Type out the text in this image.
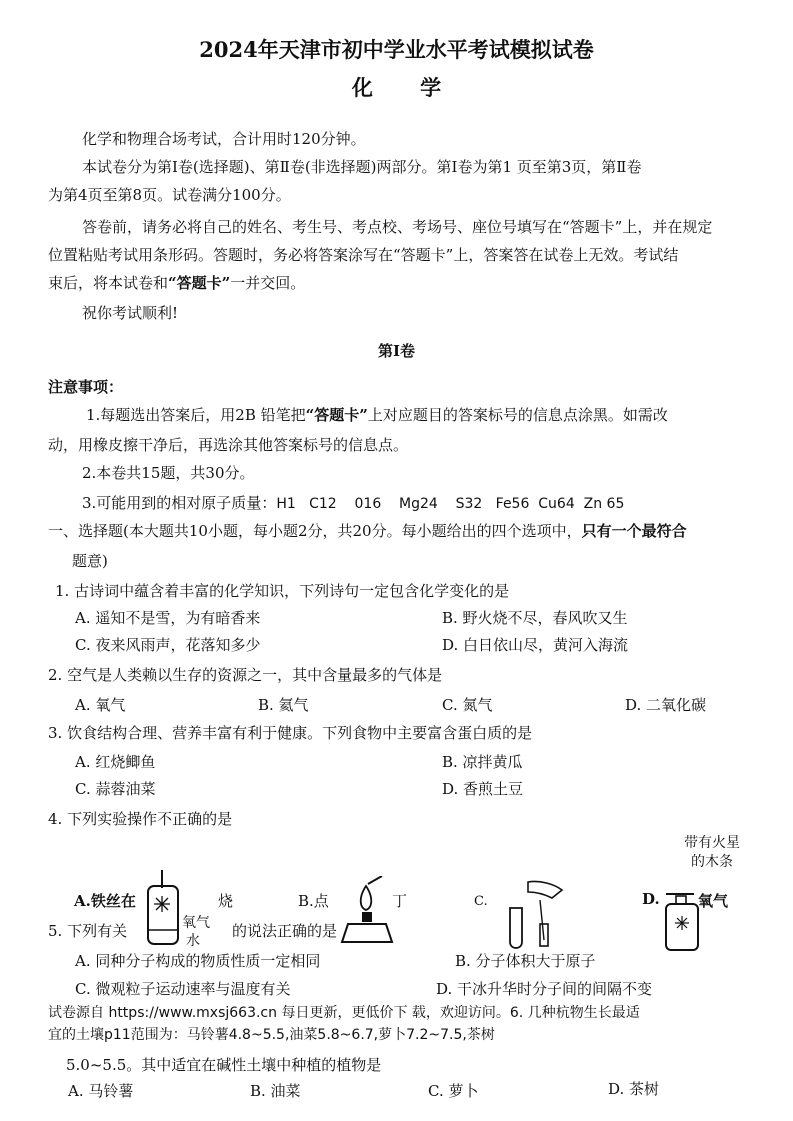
2024年天津市初中学业水平考试模拟试卷
化 学
化学和物理合场考试，合计用时120分钟。
本试卷分为第Ⅰ卷(选择题)、第Ⅱ卷(非选择题)两部分。第Ⅰ卷为第1 页至第3页，第Ⅱ卷
为第4页至第8页。试卷满分100分。
答卷前，请务必将自己的姓名、考生号、考点校、考场号、座位号填写在“答题卡”上，并在规定
位置粘贴考试用条形码。答题时，务必将答案涂写在“答题卡”上，答案答在试卷上无效。考试结
束后，将本试卷和“答题卡”一并交回。
祝你考试顺利!
第Ⅰ卷
注意事项：
1.每题选出答案后，用2B 铅笔把“答题卡”上对应题目的答案标号的信息点涂黑。如需改
动，用橡皮擦干净后，再选涂其他答案标号的信息点。
2.本卷共15题，共30分。
3.可能用到的相对原子质量：H1   C12    016    Mg24    S32   Fe56  Cu64  Zn 65
一、选择题(本大题共10小题，每小题2分，共20分。每小题给出的四个选项中，只有一个最符合
题意)
1. 古诗词中蕴含着丰富的化学知识，下列诗句一定包含化学变化的是
A. 遥知不是雪，为有暗香来	B. 野火烧不尽，春风吹又生
C. 夜来风雨声，花落知多少	D. 白日依山尽，黄河入海流
2. 空气是人类赖以生存的资源之一，其中含量最多的气体是
A. 氧气	B. 氦气	C. 氮气	D. 二氧化碳
3. 饮食结构合理、营养丰富有利于健康。下列食物中主要富含蛋白质的是
A. 红烧鲫鱼	B. 凉拌黄瓜
C. 蒜蓉油菜	D. 香煎土豆
4. 下列实验操作不正确的是
带有火星
的木条
A.铁丝在	烧	B.点	丁	C.	D.	氧气
氧气
水
5. 下列有关	的说法正确的是
A. 同种分子构成的物质性质一定相同	B. 分子体积大于原子
C. 微观粒子运动速率与温度有关	D. 干冰升华时分子间的间隔不变
试卷源自 https://www.mxsj663.cn 每日更新，更低价下 载，欢迎访问。6. 几种杭物生长最适
宜的土壤p11范围为：马铃薯4.8~5.5,油菜5.8~6.7,萝卜7.2~7.5,茶树
5.0~5.5。其中适宜在碱性土壤中种植的植物是
A. 马铃薯	B. 油菜	C. 萝卜	D. 茶树
